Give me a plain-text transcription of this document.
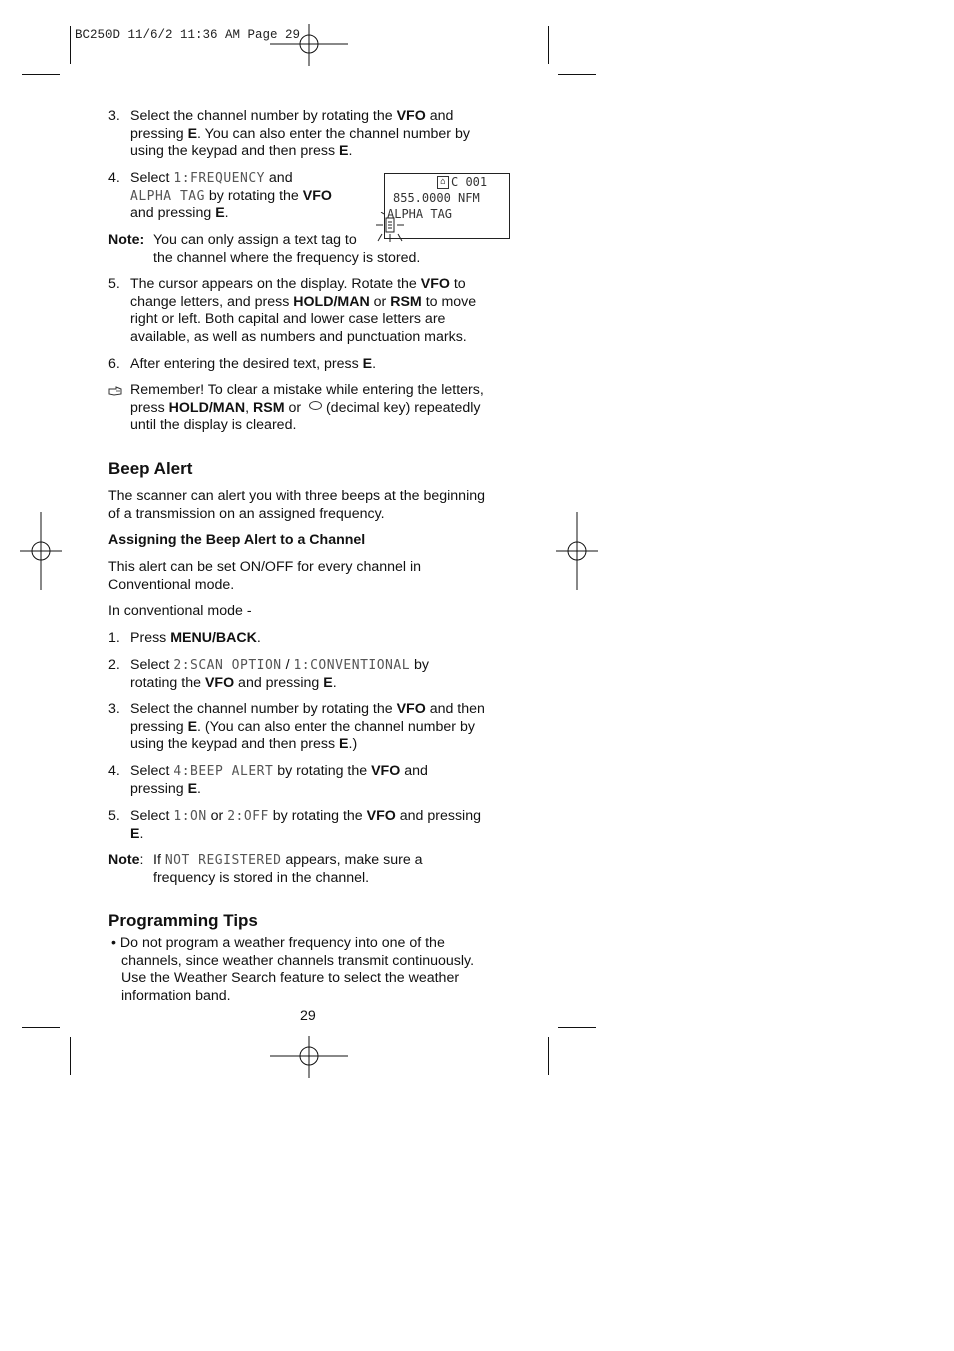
BC250D 11/6/2 11:36 AM Page 29
3. Select the channel number by rotating the VFO and
pressing E. You can also enter the channel number by
using the keypad and then press E.
4. Select 1:FREQUENCY and
ALPHA TAG by rotating the VFO
and pressing E.
⌂ C 001
855.0000 NFM
ALPHA TAG
Note: You can only assign a text tag to
the channel where the frequency is stored.
5. The cursor appears on the display. Rotate the VFO to
change letters, and press HOLD/MAN or RSM to move
right or left. Both capital and lower case letters are
available, as well as numbers and punctuation marks.
6. After entering the desired text, press E.
Remember! To clear a mistake while entering the letters,
press HOLD/MAN, RSM or  (decimal key) repeatedly
until the display is cleared.
Beep Alert
The scanner can alert you with three beeps at the beginning
of a transmission on an assigned frequency.
Assigning the Beep Alert to a Channel
This alert can be set ON/OFF for every channel in
Conventional mode.
In conventional mode -
1. Press MENU/BACK.
2. Select 2:SCAN OPTION / 1:CONVENTIONAL by
rotating the VFO and pressing E.
3. Select the channel number by rotating the VFO and then
pressing E. (You can also enter the channel number by
using the keypad and then press E.)
4. Select 4:BEEP ALERT by rotating the VFO and
pressing E.
5. Select 1:ON or 2:OFF by rotating the VFO and pressing
E.
Note: If NOT REGISTERED appears, make sure a
frequency is stored in the channel.
Programming Tips
• Do not program a weather frequency into one of the
channels, since weather channels transmit continuously.
Use the Weather Search feature to select the weather
information band.
29
